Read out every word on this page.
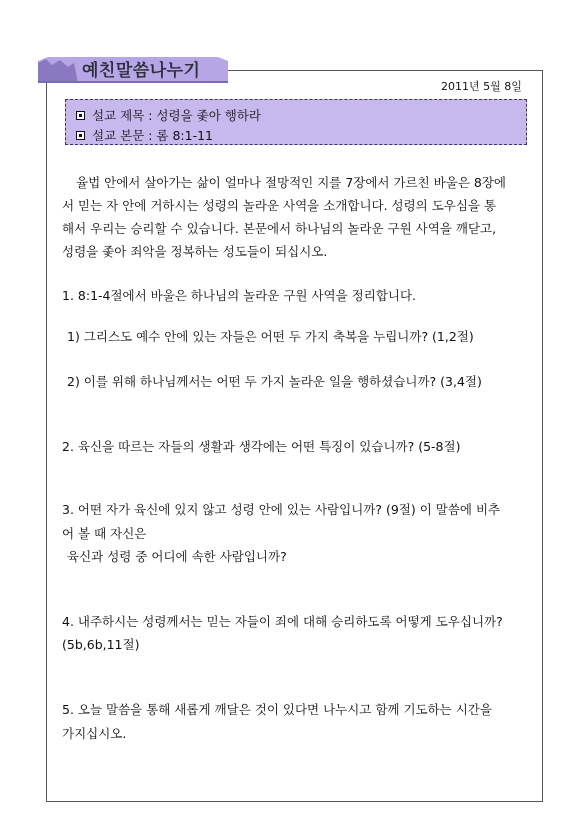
예친말씀나누기
2011년 5월 8일
설교 제목 : 성령을 좇아 행하라
설교 본문 : 롬 8:1-11
율법 안에서 살아가는 삶이 얼마나 절망적인 지를 7장에서 가르친 바울은 8장에
서 믿는 자 안에 거하시는 성령의 놀라운 사역을 소개합니다. 성령의 도우심을 통
해서 우리는 승리할 수 있습니다. 본문에서 하나님의 놀라운 구원 사역을 깨닫고,
성령을 좇아 죄악을 정복하는 성도들이 되십시오.
1. 8:1-4절에서 바울은 하나님의 놀라운 구원 사역을 정리합니다.
1) 그리스도 예수 안에 있는 자들은 어떤 두 가지 축복을 누립니까? (1,2절)
2) 이를 위해 하나님께서는 어떤 두 가지 놀라운 일을 행하셨습니까? (3,4절)
2. 육신을 따르는 자들의 생활과 생각에는 어떤 특징이 있습니까? (5-8절)
3. 어떤 자가 육신에 있지 않고 성령 안에 있는 사람입니까? (9절) 이 말씀에 비추
어 볼 때 자신은
육신과 성령 중 어디에 속한 사람입니까?
4. 내주하시는 성령께서는 믿는 자들이 죄에 대해 승리하도록 어떻게 도우십니까?
(5b,6b,11절)
5. 오늘 말씀을 통해 새롭게 깨달은 것이 있다면 나누시고 함께 기도하는 시간을
가지십시오.
